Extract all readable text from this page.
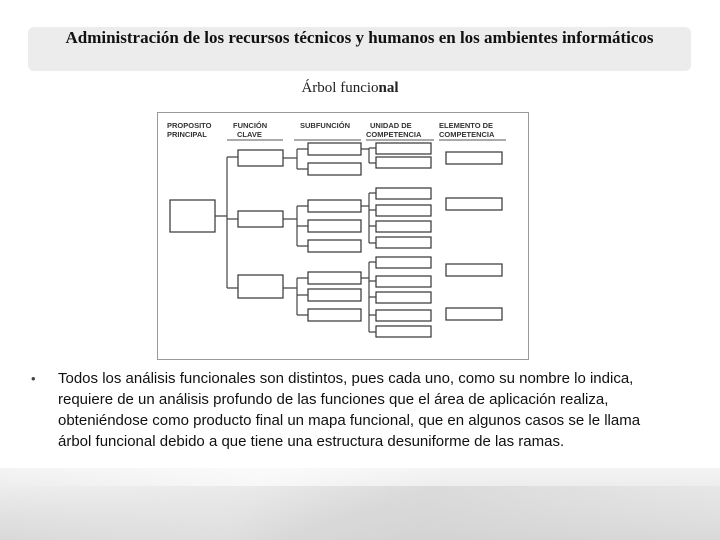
Administración de los recursos técnicos y humanos en los ambientes informáticos
Árbol funcional
PROPOSITO
PRINCIPAL
FUNCIÓN
CLAVE
SUBFUNCIÓN	UNIDAD DE
COMPETENCIA
ELEMENTO DE
COMPETENCIA
• Todos los análisis funcionales son distintos, pues cada uno, como su nombre lo indica, requiere de un análisis profundo de las funciones que el área de aplicación realiza, obteniéndose como producto final un mapa funcional, que en algunos casos se le llama árbol funcional debido a que tiene una estructura desuniforme de las ramas.
